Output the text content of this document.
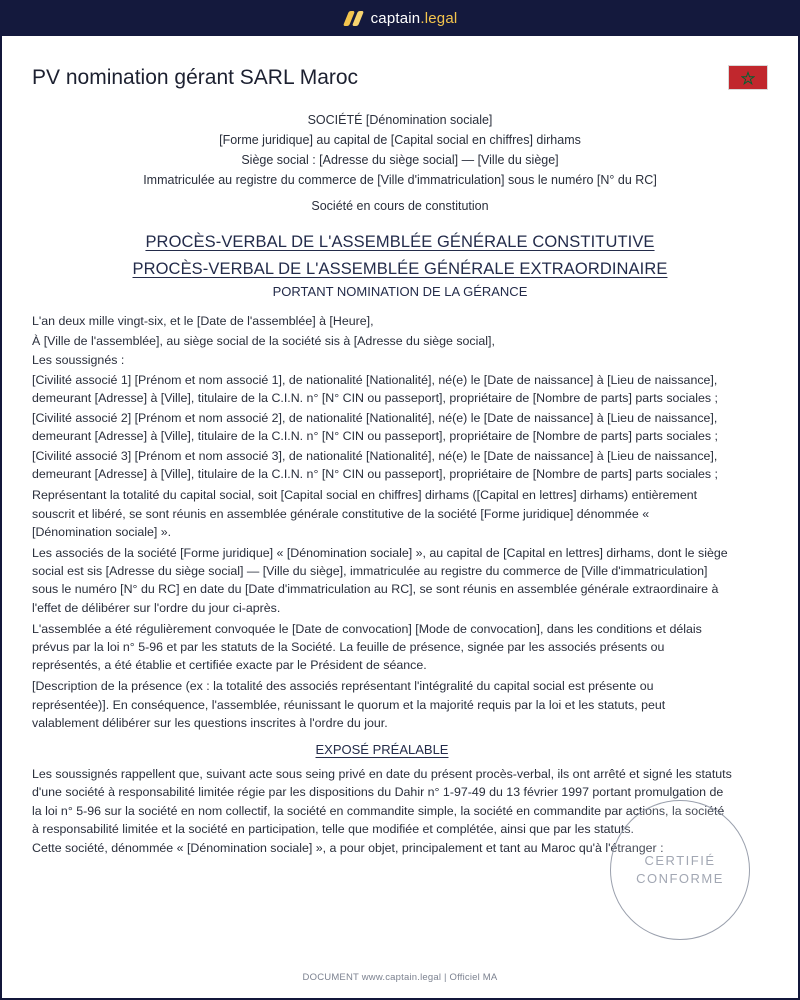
captain.legal
PV nomination gérant SARL Maroc
SOCIÉTÉ [Dénomination sociale]
[Forme juridique] au capital de [Capital social en chiffres] dirhams
Siège social : [Adresse du siège social] — [Ville du siège]
Immatriculée au registre du commerce de [Ville d'immatriculation] sous le numéro [N° du RC]
Société en cours de constitution
PROCÈS-VERBAL DE L'ASSEMBLÉE GÉNÉRALE CONSTITUTIVE
PROCÈS-VERBAL DE L'ASSEMBLÉE GÉNÉRALE EXTRAORDINAIRE
PORTANT NOMINATION DE LA GÉRANCE

L'an deux mille vingt-six, et le [Date de l'assemblée] à [Heure],

À [Ville de l'assemblée], au siège social de la société sis à [Adresse du siège social],

Les soussignés :

[Civilité associé 1] [Prénom et nom associé 1], de nationalité [Nationalité], né(e) le [Date de naissance] à [Lieu de naissance], demeurant [Adresse] à [Ville], titulaire de la C.I.N. n° [N° CIN ou passeport], propriétaire de [Nombre de parts] parts sociales ;

[Civilité associé 2] [Prénom et nom associé 2], de nationalité [Nationalité], né(e) le [Date de naissance] à [Lieu de naissance], demeurant [Adresse] à [Ville], titulaire de la C.I.N. n° [N° CIN ou passeport], propriétaire de [Nombre de parts] parts sociales ;

[Civilité associé 3] [Prénom et nom associé 3], de nationalité [Nationalité], né(e) le [Date de naissance] à [Lieu de naissance], demeurant [Adresse] à [Ville], titulaire de la C.I.N. n° [N° CIN ou passeport], propriétaire de [Nombre de parts] parts sociales ;

Représentant la totalité du capital social, soit [Capital social en chiffres] dirhams ([Capital en lettres] dirhams) entièrement souscrit et libéré, se sont réunis en assemblée générale constitutive de la société [Forme juridique] dénommée « [Dénomination sociale] ».

Les associés de la société [Forme juridique] « [Dénomination sociale] », au capital de [Capital en lettres] dirhams, dont le siège social est sis [Adresse du siège social] — [Ville du siège], immatriculée au registre du commerce de [Ville d'immatriculation] sous le numéro [N° du RC] en date du [Date d'immatriculation au RC], se sont réunis en assemblée générale extraordinaire à l'effet de délibérer sur l'ordre du jour ci-après.

L'assemblée a été régulièrement convoquée le [Date de convocation] [Mode de convocation], dans les conditions et délais prévus par la loi n° 5-96 et par les statuts de la Société. La feuille de présence, signée par les associés présents ou représentés, a été établie et certifiée exacte par le Président de séance.

[Description de la présence (ex : la totalité des associés représentant l'intégralité du capital social est présente ou représentée)]. En conséquence, l'assemblée, réunissant le quorum et la majorité requis par la loi et les statuts, peut valablement délibérer sur les questions inscrites à l'ordre du jour.

EXPOSÉ PRÉALABLE

Les soussignés rappellent que, suivant acte sous seing privé en date du présent procès-verbal, ils ont arrêté et signé les statuts d'une société à responsabilité limitée régie par les dispositions du Dahir n° 1-97-49 du 13 février 1997 portant promulgation de la loi n° 5-96 sur la société en nom collectif, la société en commandite simple, la société en commandite par actions, la société à responsabilité limitée et la société en participation, telle que modifiée et complétée, ainsi que par les statuts.

Cette société, dénommée « [Dénomination sociale] », a pour objet, principalement et tant au Maroc qu'à l'étranger :

CERTIFIÉ
CONFORME
DOCUMENT www.captain.legal | Officiel MA
